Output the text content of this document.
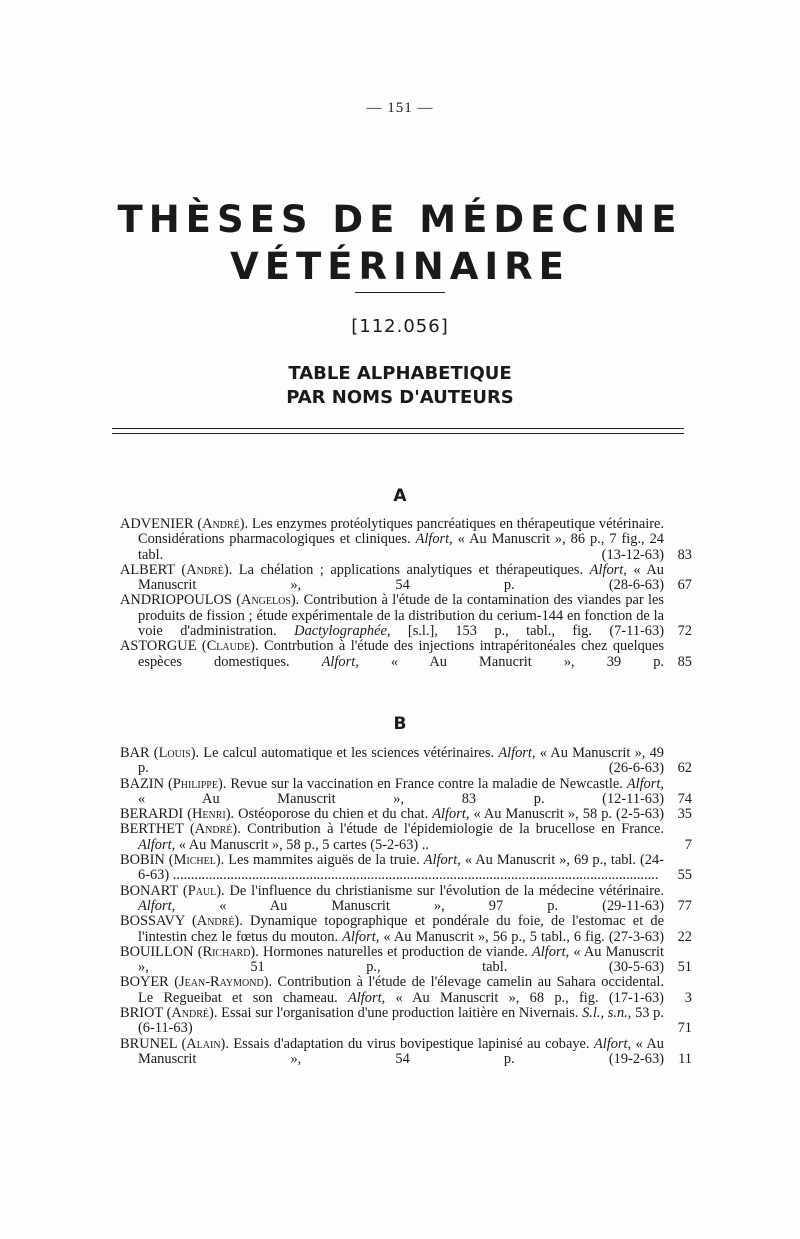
— 151 —
THÈSES DE MÉDECINE
VÉTÉRINAIRE
[112.056]
TABLE ALPHABETIQUE
PAR NOMS D'AUTEURS
A
ADVENIER (André). Les enzymes protéolytiques pancréatiques en thérapeutique vétérinaire. Considérations pharmacologiques et cliniques. Alfort, « Au Manuscrit », 86 p., 7 fig., 24 tabl. (13-12-63) ..... 83
ALBERT (André). La chélation ; applications analytiques et thérapeutiques. Alfort, « Au Manuscrit », 54 p. (28-6-63) ..... 67
ANDRIOPOULOS (Angelos). Contribution à l'étude de la contamination des viandes par les produits de fission ; étude expérimentale de la distribution du cerium-144 en fonction de la voie d'administration. Dactylographée, [s.l.], 153 p., tabl., fig. (7-11-63) ..... 72
ASTORGUE (Claude). Contrbution à l'étude des injections intrapéritonéales chez quelques espèces domestiques. Alfort, « Au Manucrit », 39 p. ..... 85
B
BAR (Louis). Le calcul automatique et les sciences vétérinaires. Alfort, « Au Manuscrit », 49 p. (26-6-63) ..... 62
BAZIN (Philippe). Revue sur la vaccination en France contre la maladie de Newcastle. Alfort, « Au Manuscrit », 83 p. (12-11-63) ..... 74
BERARDI (Henri). Ostéoporose du chien et du chat. Alfort, « Au Manuscrit », 58 p. (2-5-63) ..... 35
BERTHET (André). Contribution à l'étude de l'épidemiologie de la brucellose en France. Alfort, « Au Manuscrit », 58 p., 5 cartes (5-2-63) ..	7
BOBIN (Michel). Les mammites aiguës de la truie. Alfort, « Au Manuscrit », 69 p., tabl. (24-6-63) .....	55
BONART (Paul). De l'influence du christianisme sur l'évolution de la médecine vétérinaire. Alfort, « Au Manuscrit », 97 p. (29-11-63) ..... 77
BOSSAVY (André). Dynamique topographique et pondérale du foie, de l'estomac et de l'intestin chez le fœtus du mouton. Alfort, « Au Manuscrit », 56 p., 5 tabl., 6 fig. (27-3-63) ..... 22
BOUILLON (Richard). Hormones naturelles et production de viande. Alfort, « Au Manuscrit », 51 p., tabl. (30-5-63) ..... 51
BOYER (Jean-Raymond). Contribution à l'étude de l'élevage camelin au Sahara occidental. Le Regueibat et son chameau. Alfort, « Au Manuscrit », 68 p., fig. (17-1-63) ..... 3
BRIOT (André). Essai sur l'organisation d'une production laitière en Nivernais. S.l., s.n., 53 p. (6-11-63) .....	71
BRUNEL (Alain). Essais d'adaptation du virus bovipestique lapinisé au cobaye. Alfort, « Au Manuscrit », 54 p. (19-2-63) ..... 11
